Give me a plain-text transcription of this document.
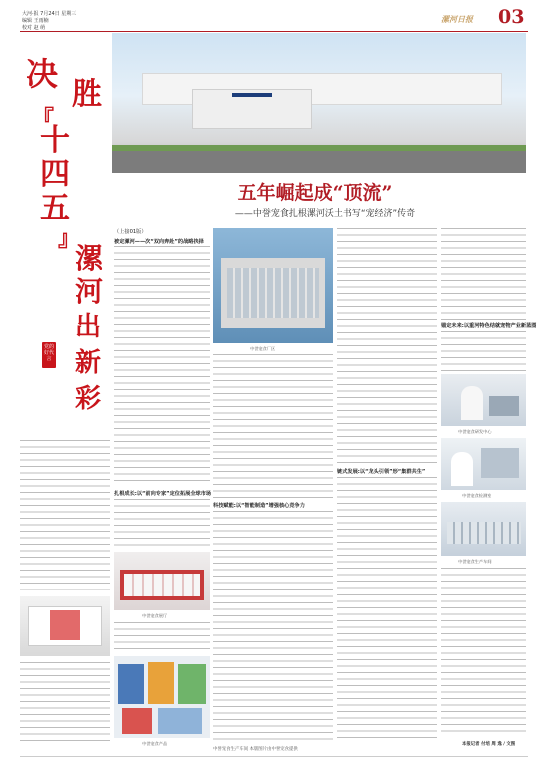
大河·报 7月24日 星期三
编辑 王雨楠
校对 赵 萌
漯河日报 03
决
胜
『
十
四
五
』
漯
河
出
新
彩
党的好代言
五年崛起成“顶流”
——中誉宠食扎根漯河沃土书写“宠经济”传奇
（上接01版）
被定漯河——次“双向奔赴”的战略抉择
扎根成长:以“前向专家”定位拓展全球市场
中誉宠食展厅
中誉宠食产品
中誉宠食厂区
科技赋能:以“智能制造”增强核心竞争力
链式发展:以“龙头引领”形“集群共生”
锚定未来:以重河特色结就宠物产业新蓝图
中誉宠食研发中心
中誉宠食检测室
中誉宠食生产车间
本报记者 付培 周 逸 / 文图
中誉宠食生产车间 本版图片由中誉宠食提供
